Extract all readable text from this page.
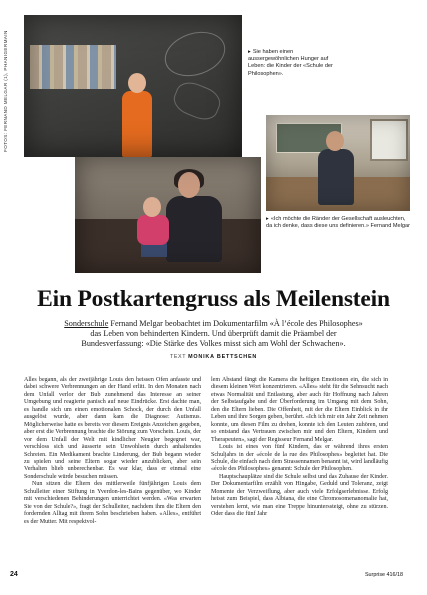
FOTOS: FERNAND MELGAR (1), PHANIGERMAIN	▸ Sie haben einen aussergewöhnlichen Hunger auf Leben: die Kinder der «Schule der Philosophen».
▸ «Ich möchte die Ränder der Gesellschaft ausleuchten, da ich denke, dass diese uns definieren.» Fernand Melgar
Ein Postkartengruss als Meilenstein
Sonderschule Fernand Melgar beobachtet im Dokumentarfilm «À l’école des Philosophes» das Leben von behinderten Kindern. Und überprüft damit die Präambel der Bundesverfassung: «Die Stärke des Volkes misst sich am Wohl der Schwachen».
TEXT MONIKA BETTSCHEN

Alles begann, als der zweijährige Louis den heissen Ofen anfasste und dabei schwere Verbrennungen an der Hand erlitt. In den Monaten nach dem Unfall verlor der Bub zunehmend das Interesse an seiner Umgebung und reagierte panisch auf neue Eindrücke. Erst dachte man, es handle sich um einen emotionalen Schock, der durch den Unfall ausgelöst wurde, aber dann kam die Diagnose: Autismus. Möglicherweise hatte es bereits vor diesem Ereignis Anzeichen gegeben, aber erst die Verbrennung brachte die Störung zum Vorschein. Louis, der vor dem Unfall der Welt mit kindlicher Neugier begegnet war, verschloss sich und äusserte sein Unwohlsein durch anhaltendes Schreien. Ein Medikament brachte Linderung, der Bub begann wieder zu spielen und seine Eltern sogar wieder anzublicken, aber sein Verhalten blieb unberechenbar. Es war klar, dass er einmal eine Sonderschule würde besuchen müssen.

Nun sitzen die Eltern des mittlerweile fünfjährigen Louis dem Schulleiter einer Stiftung in Yverdon-les-Bains gegenüber, wo Kinder mit verschiedenen Behinderungen unterrichtet werden. «Was erwarten Sie von der Schule?», fragt der Schulleiter, nachdem ihm die Eltern den fordernden Alltag mit ihrem Sohn beschrieben haben. «Alles», entführt es der Mutter. Mit respektvol-

lem Abstand fängt die Kamera die heftigen Emotionen ein, die sich in diesem kleinen Wort konzentrieren. «Alles» steht für die Sehnsucht nach etwas Normalität und Entlastung, aber auch für Hoffnung nach Jahren der Selbstaufgabe und der Überforderung im Umgang mit dem Sohn, den die Eltern lieben. Die Offenheit, mit der die Eltern Einblick in ihr Leben und ihre Sorgen geben, berührt. «Ich ich mir ein Jahr Zeit nehmen konnte, um diesen Film zu drehen, konnte ich den Leuten zuhören, und so entstand das Vertrauen zwischen mir und den Eltern, Kindern und Therapeuten», sagt der Regisseur Fernand Melgar.

Louis ist eines von fünf Kindern, das er während ihres ersten Schuljahrs in der «école de la rue des Philosophes» begleitet hat. Die Schule, die einfach nach dem Strassennamen benannt ist, wird landläufig «école des Philosophes» genannt: Schule der Philosophen.

Hauptschauplätze sind die Schule selbst und das Zuhause der Kinder. Der Dokumentarfilm erzählt von Hingabe, Geduld und Toleranz, zeigt Momente der Verzweiflung, aber auch viele Erfolgserlebnisse. Erfolg heisst zum Beispiel, dass Albiana, die eine Chromosomenanomalie hat, verstehen lernt, wie man eine Treppe hinunterssteigt, ohne zu stürzen. Oder dass die fünf Jahr

24	Surprise 416/18
